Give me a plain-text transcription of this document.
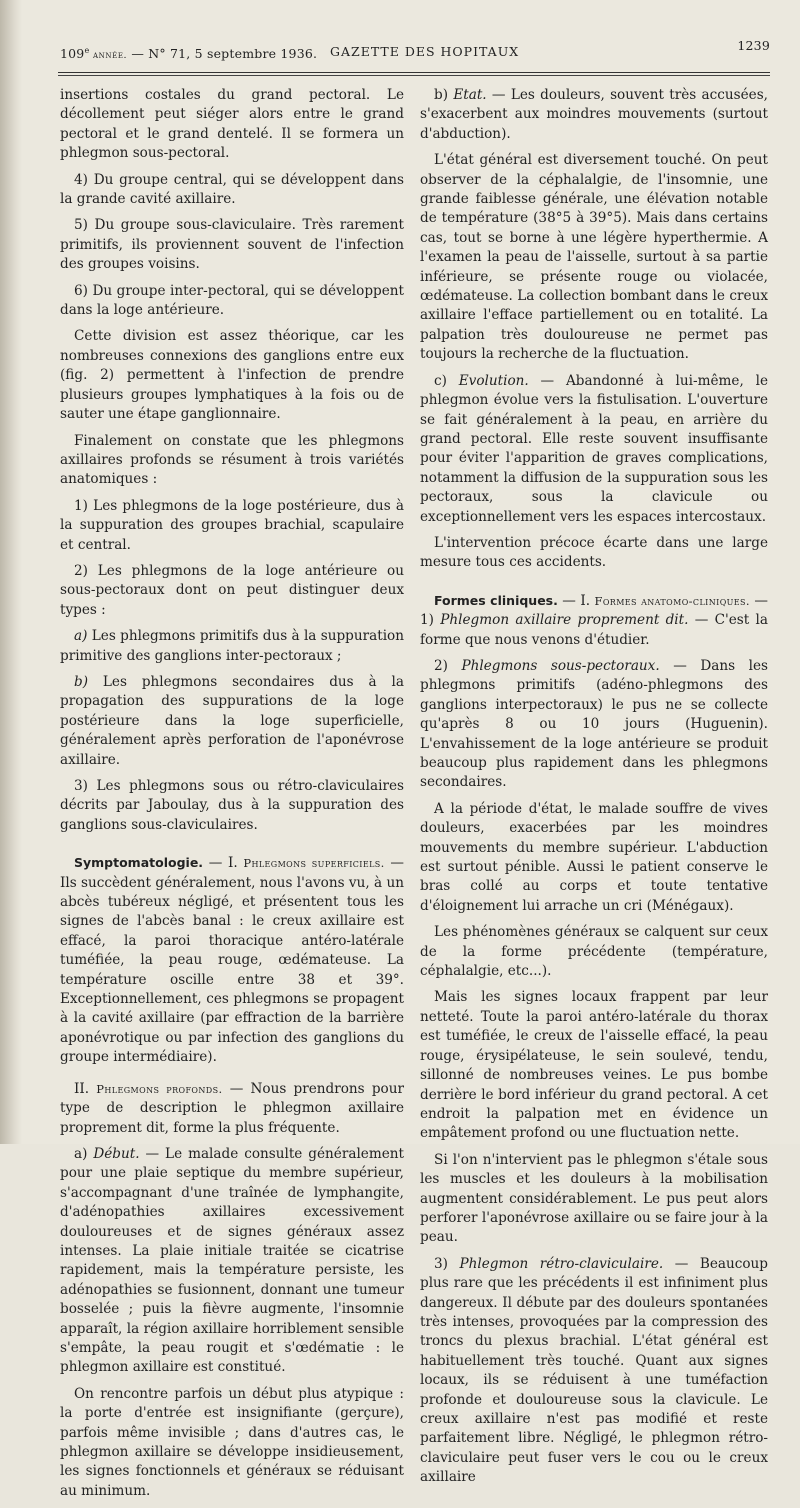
109e année. — N° 71, 5 septembre 1936. GAZETTE DES HOPITAUX	1239

insertions costales du grand pectoral. Le décollement peut siéger alors entre le grand pectoral et le grand dentelé. Il se formera un phlegmon sous-pectoral.

4) Du groupe central, qui se développent dans la grande cavité axillaire.

5) Du groupe sous-claviculaire. Très rarement primitifs, ils proviennent souvent de l'infection des groupes voisins.

6) Du groupe inter-pectoral, qui se développent dans la loge antérieure.

Cette division est assez théorique, car les nombreuses connexions des ganglions entre eux (fig. 2) permettent à l'infection de prendre plusieurs groupes lymphatiques à la fois ou de sauter une étape ganglionnaire.

Finalement on constate que les phlegmons axillaires profonds se résument à trois variétés anatomiques :

1) Les phlegmons de la loge postérieure, dus à la suppuration des groupes brachial, scapulaire et central.

2) Les phlegmons de la loge antérieure ou sous-pectoraux dont on peut distinguer deux types :

a) Les phlegmons primitifs dus à la suppuration primitive des ganglions inter-pectoraux ;

b) Les phlegmons secondaires dus à la propagation des suppurations de la loge postérieure dans la loge superficielle, généralement après perforation de l'aponévrose axillaire.

3) Les phlegmons sous ou rétro-claviculaires décrits par Jaboulay, dus à la suppuration des ganglions sous-claviculaires.

Symptomatologie. — I. Phlegmons superficiels. — Ils succèdent généralement, nous l'avons vu, à un abcès tubéreux négligé, et présentent tous les signes de l'abcès banal : le creux axillaire est effacé, la paroi thoracique antéro-latérale tuméfiée, la peau rouge, œdémateuse. La température oscille entre 38 et 39°. Exceptionnellement, ces phlegmons se propagent à la cavité axillaire (par effraction de la barrière aponévrotique ou par infection des ganglions du groupe intermédiaire).

II. Phlegmons profonds. — Nous prendrons pour type de description le phlegmon axillaire proprement dit, forme la plus fréquente.

a) Début. — Le malade consulte généralement pour une plaie septique du membre supérieur, s'accompagnant d'une traînée de lymphangite, d'adénopathies axillaires excessivement douloureuses et de signes généraux assez intenses. La plaie initiale traitée se cicatrise rapidement, mais la température persiste, les adénopathies se fusionnent, donnant une tumeur bosselée ; puis la fièvre augmente, l'insomnie apparaît, la région axillaire horriblement sensible s'empâte, la peau rougit et s'œdématie : le phlegmon axillaire est constitué.

On rencontre parfois un début plus atypique : la porte d'entrée est insignifiante (gerçure), parfois même invisible ; dans d'autres cas, le phlegmon axillaire se développe insidieusement, les signes fonctionnels et généraux se réduisant au minimum.

b) Etat. — Les douleurs, souvent très accusées, s'exacerbent aux moindres mouvements (surtout d'abduction).

L'état général est diversement touché. On peut observer de la céphalalgie, de l'insomnie, une grande faiblesse générale, une élévation notable de température (38°5 à 39°5). Mais dans certains cas, tout se borne à une légère hyperthermie. A l'examen la peau de l'aisselle, surtout à sa partie inférieure, se présente rouge ou violacée, œdémateuse. La collection bombant dans le creux axillaire l'efface partiellement ou en totalité. La palpation très douloureuse ne permet pas toujours la recherche de la fluctuation.

c) Evolution. — Abandonné à lui-même, le phlegmon évolue vers la fistulisation. L'ouverture se fait généralement à la peau, en arrière du grand pectoral. Elle reste souvent insuffisante pour éviter l'apparition de graves complications, notamment la diffusion de la suppuration sous les pectoraux, sous la clavicule ou exceptionnellement vers les espaces intercostaux.

L'intervention précoce écarte dans une large mesure tous ces accidents.

Formes cliniques. — I. Formes anatomo-cliniques. — 1) Phlegmon axillaire proprement dit. — C'est la forme que nous venons d'étudier.

2) Phlegmons sous-pectoraux. — Dans les phlegmons primitifs (adéno-phlegmons des ganglions interpectoraux) le pus ne se collecte qu'après 8 ou 10 jours (Huguenin). L'envahissement de la loge antérieure se produit beaucoup plus rapidement dans les phlegmons secondaires.

A la période d'état, le malade souffre de vives douleurs, exacerbées par les moindres mouvements du membre supérieur. L'abduction est surtout pénible. Aussi le patient conserve le bras collé au corps et toute tentative d'éloignement lui arrache un cri (Ménégaux).

Les phénomènes généraux se calquent sur ceux de la forme précédente (température, céphalalgie, etc...).

Mais les signes locaux frappent par leur netteté. Toute la paroi antéro-latérale du thorax est tuméfiée, le creux de l'aisselle effacé, la peau rouge, érysipélateuse, le sein soulevé, tendu, sillonné de nombreuses veines. Le pus bombe derrière le bord inférieur du grand pectoral. A cet endroit la palpation met en évidence un empâtement profond ou une fluctuation nette.

Si l'on n'intervient pas le phlegmon s'étale sous les muscles et les douleurs à la mobilisation augmentent considérablement. Le pus peut alors perforer l'aponévrose axillaire ou se faire jour à la peau.

3) Phlegmon rétro-claviculaire. — Beaucoup plus rare que les précédents il est infiniment plus dangereux. Il débute par des douleurs spontanées très intenses, provoquées par la compression des troncs du plexus brachial. L'état général est habituellement très touché. Quant aux signes locaux, ils se réduisent à une tuméfaction profonde et douloureuse sous la clavicule. Le creux axillaire n'est pas modifié et reste parfaitement libre. Négligé, le phlegmon rétro-claviculaire peut fuser vers le cou ou le creux axillaire
